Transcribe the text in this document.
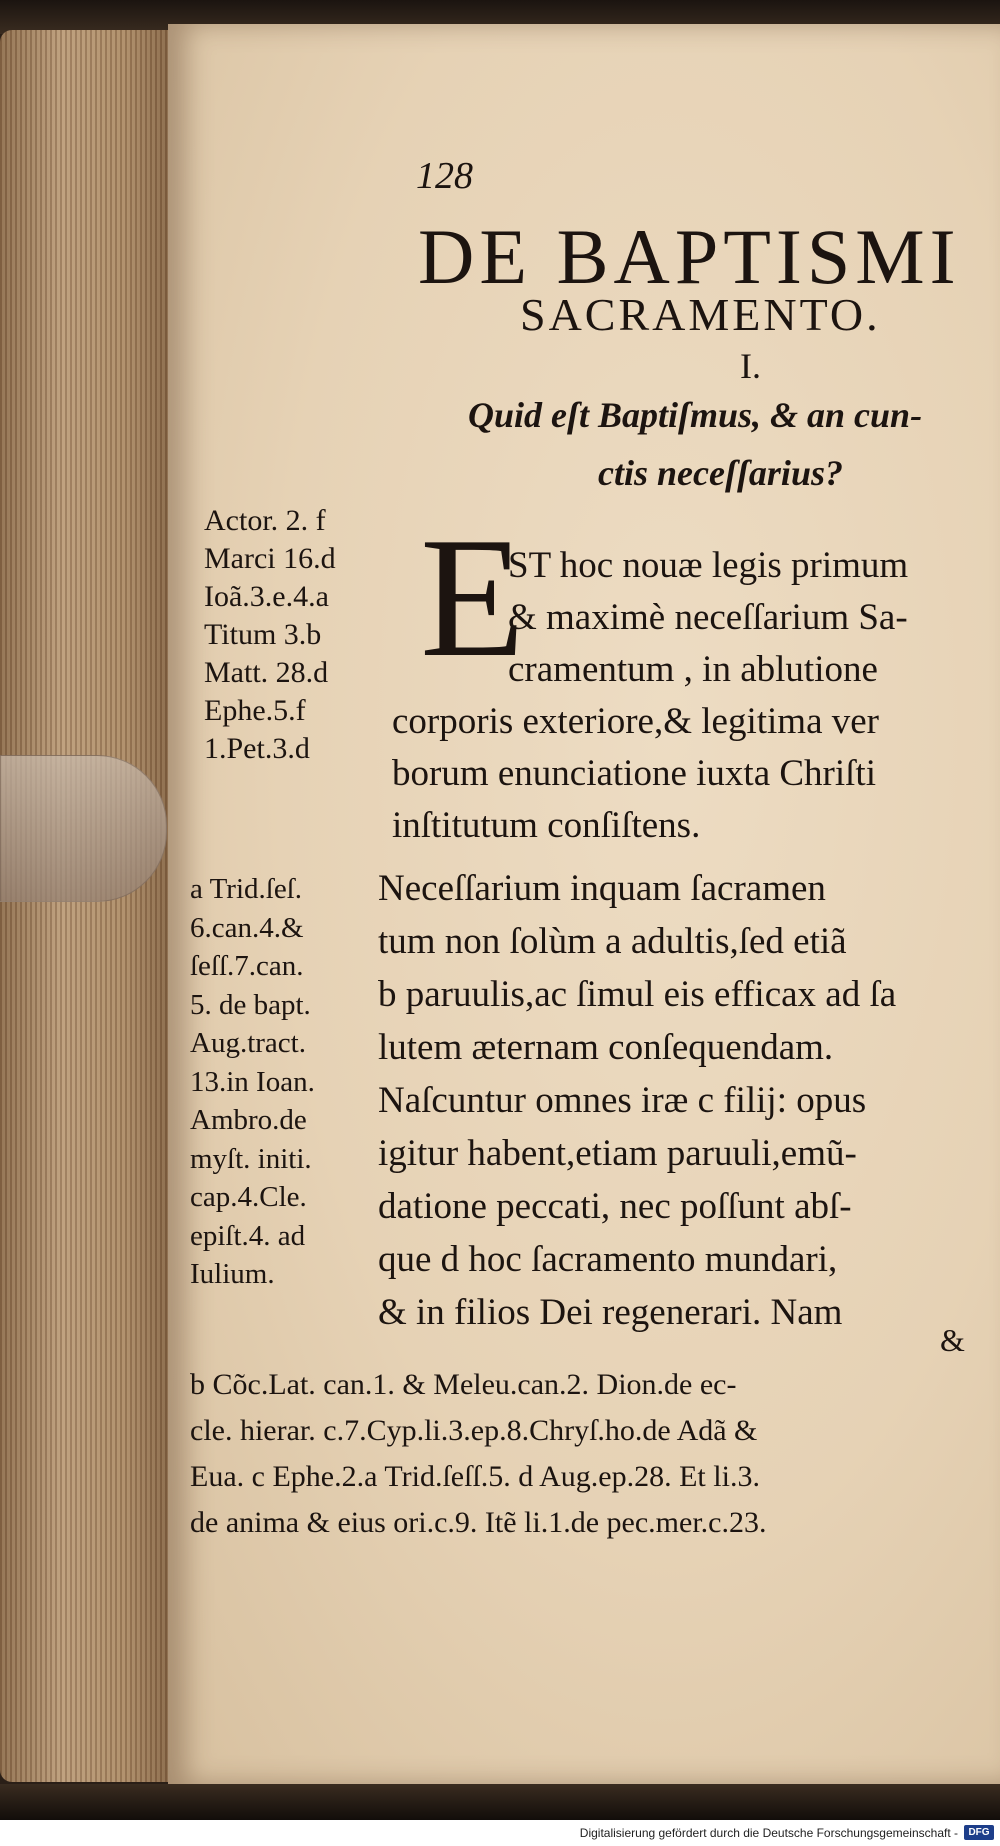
128
DE BAPTISMI
SACRAMENTO.
I.
Quid eſt Baptiſmus, & an cun-
ctis neceſſarius?
Actor. 2. f
Marci 16.d
Ioã.3.e.4.a
Titum 3.b
Matt. 28.d
Ephe.5.f
1.Pet.3.d
E
ST hoc nouæ legis primum
& maximè neceſſarium Sa-
cramentum , in ablutione
corporis exteriore,& legitima ver
borum enunciatione iuxta Chriſti
inſtitutum conſiſtens.
a Trid.ſeſ.
6.can.4.&
ſeſſ.7.can.
5. de bapt.
Aug.tract.
13.in Ioan.
Ambro.de
myſt. initi.
cap.4.Cle.
epiſt.4. ad
Iulium.
Neceſſarium inquam ſacramen
tum non ſolùm a adultis,ſed etiã
b paruulis,ac ſimul eis efficax ad ſa
lutem æternam conſequendam.
Naſcuntur omnes iræ c filij: opus
igitur habent,etiam paruuli,emũ-
datione peccati, nec poſſunt abſ-
que d hoc ſacramento mundari,
& in filios Dei regenerari. Nam
&
b Cõc.Lat. can.1. & Meleu.can.2. Dion.de ec-
cle. hierar. c.7.Cyp.li.3.ep.8.Chryſ.ho.de Adã &
Eua. c Ephe.2.a Trid.ſeſſ.5. d Aug.ep.28. Et li.3.
de anima & eius ori.c.9. Itẽ li.1.de pec.mer.c.23.
Digitalisierung gefördert durch die Deutsche Forschungsgemeinschaft -	DFG
